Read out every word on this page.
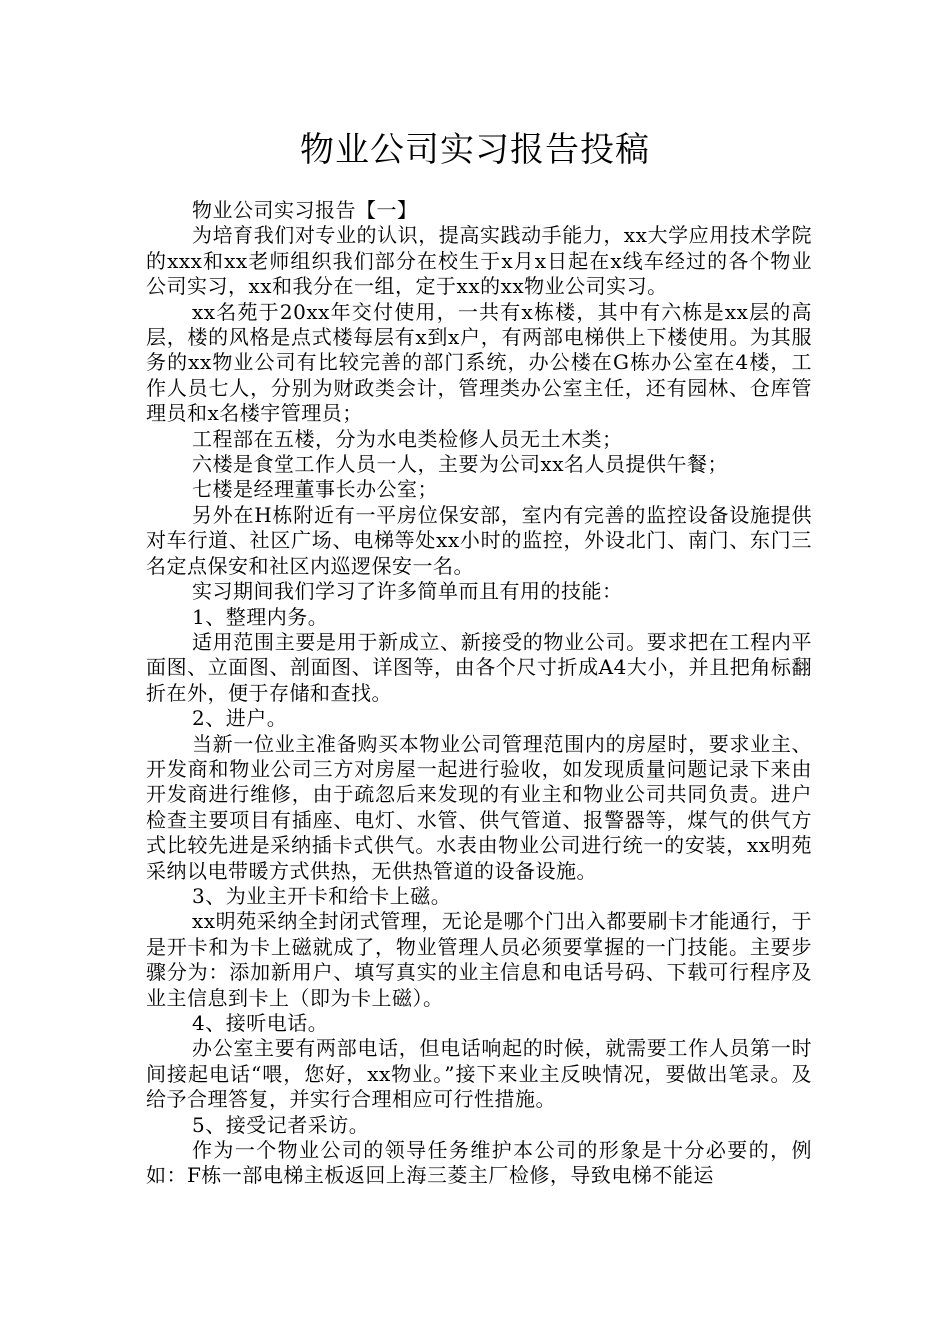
物业公司实习报告投稿

物业公司实习报告【一】

为培育我们对专业的认识，提高实践动手能力，xx大学应用技术学院的xxx和xx老师组织我们部分在校生于x月x日起在x线车经过的各个物业公司实习，xx和我分在一组，定于xx的xx物业公司实习。

xx名苑于20xx年交付使用，一共有x栋楼，其中有六栋是xx层的高层，楼的风格是点式楼每层有x到x户，有两部电梯供上下楼使用。为其服务的xx物业公司有比较完善的部门系统，办公楼在G栋办公室在4楼，工作人员七人，分别为财政类会计，管理类办公室主任，还有园林、仓库管理员和x名楼宇管理员；

工程部在五楼，分为水电类检修人员无土木类；

六楼是食堂工作人员一人，主要为公司xx名人员提供午餐；

七楼是经理董事长办公室；

另外在H栋附近有一平房位保安部，室内有完善的监控设备设施提供对车行道、社区广场、电梯等处xx小时的监控，外设北门、南门、东门三名定点保安和社区内巡逻保安一名。

实习期间我们学习了许多简单而且有用的技能：

1、整理内务。

适用范围主要是用于新成立、新接受的物业公司。要求把在工程内平面图、立面图、剖面图、详图等，由各个尺寸折成A4大小，并且把角标翻折在外，便于存储和查找。

2、进户。

当新一位业主准备购买本物业公司管理范围内的房屋时，要求业主、开发商和物业公司三方对房屋一起进行验收，如发现质量问题记录下来由开发商进行维修，由于疏忽后来发现的有业主和物业公司共同负责。进户检查主要项目有插座、电灯、水管、供气管道、报警器等，煤气的供气方式比较先进是采纳插卡式供气。水表由物业公司进行统一的安装，xx明苑采纳以电带暖方式供热，无供热管道的设备设施。

3、为业主开卡和给卡上磁。

xx明苑采纳全封闭式管理，无论是哪个门出入都要刷卡才能通行，于是开卡和为卡上磁就成了，物业管理人员必须要掌握的一门技能。主要步骤分为：添加新用户、填写真实的业主信息和电话号码、下载可行程序及业主信息到卡上（即为卡上磁）。

4、接听电话。

办公室主要有两部电话，但电话响起的时候，就需要工作人员第一时间接起电话“喂，您好，xx物业。”接下来业主反映情况，要做出笔录。及给予合理答复，并实行合理相应可行性措施。

5、接受记者采访。

作为一个物业公司的领导任务维护本公司的形象是十分必要的，例如：F栋一部电梯主板返回上海三菱主厂检修，导致电梯不能运
